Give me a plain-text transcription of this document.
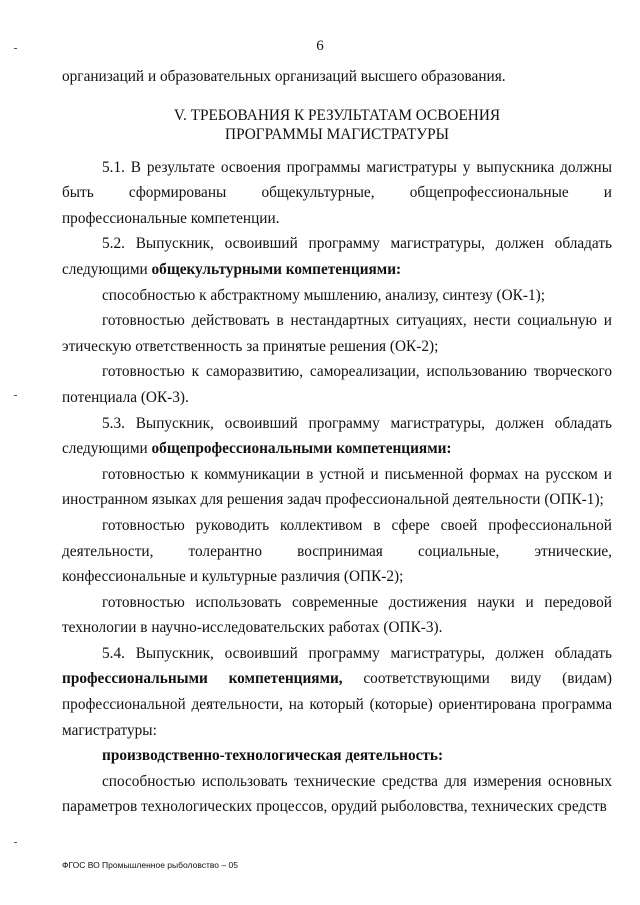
6

организаций и образовательных организаций высшего образования.

V. ТРЕБОВАНИЯ К РЕЗУЛЬТАТАМ ОСВОЕНИЯ
ПРОГРАММЫ МАГИСТРАТУРЫ

5.1. В результате освоения программы магистратуры у выпускника должны быть сформированы общекультурные, общепрофессиональные и профессиональные компетенции.

5.2. Выпускник, освоивший программу магистратуры, должен обладать следующими общекультурными компетенциями:

способностью к абстрактному мышлению, анализу, синтезу (ОК-1);

готовностью действовать в нестандартных ситуациях, нести социальную и этическую ответственность за принятые решения (ОК-2);

готовностью к саморазвитию, самореализации, использованию творческого потенциала (ОК-3).

5.3. Выпускник, освоивший программу магистратуры, должен обладать следующими общепрофессиональными компетенциями:

готовностью к коммуникации в устной и письменной формах на русском и иностранном языках для решения задач профессиональной деятельности (ОПК-1);

готовностью руководить коллективом в сфере своей профессиональной деятельности, толерантно воспринимая социальные, этнические, конфессиональные и культурные различия (ОПК-2);

готовностью использовать современные достижения науки и передовой технологии в научно-исследовательских работах (ОПК-3).

5.4. Выпускник, освоивший программу магистратуры, должен обладать профессиональными компетенциями, соответствующими виду (видам) профессиональной деятельности, на который (которые) ориентирована программа магистратуры:

производственно-технологическая деятельность:

способностью использовать технические средства для измерения основных параметров технологических процессов, орудий рыболовства, технических средств

ФГОС ВО Промышленное рыболовство – 05
